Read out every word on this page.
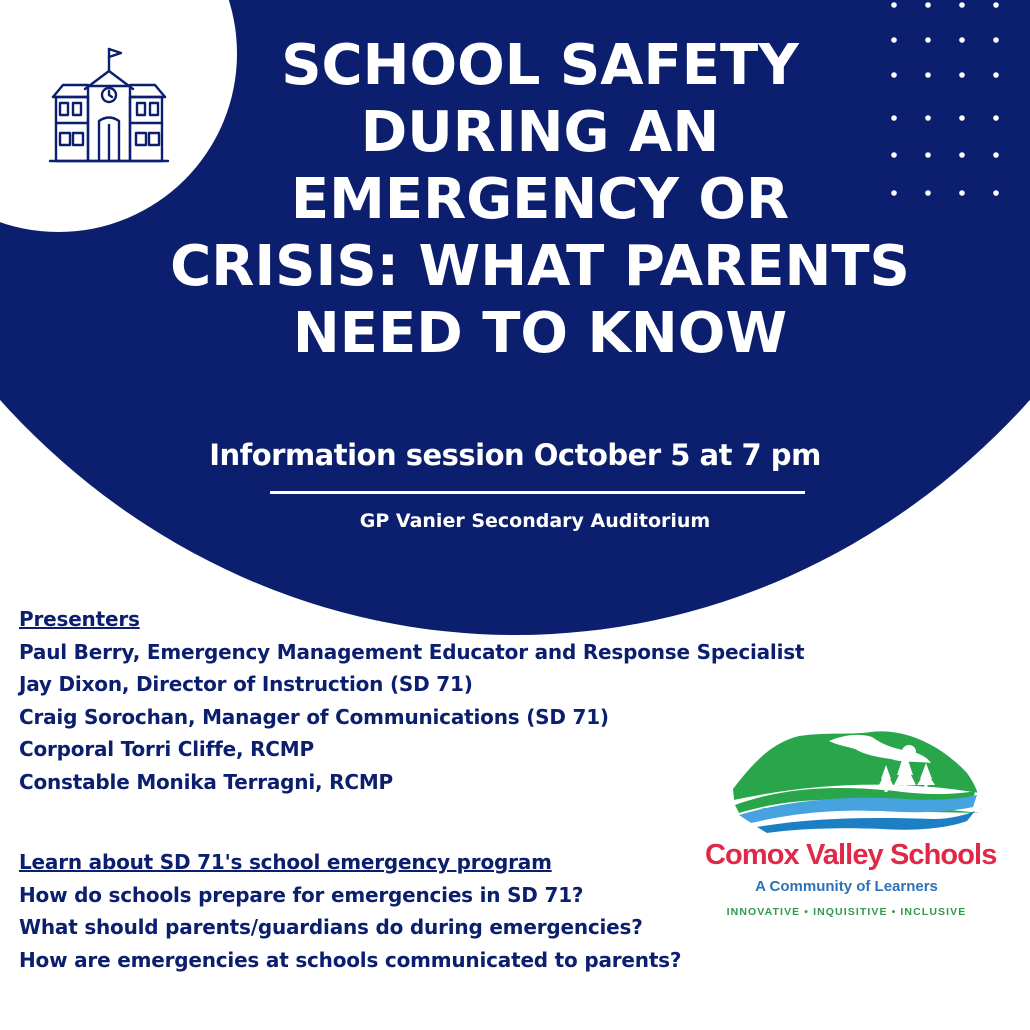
SCHOOL SAFETY
DURING AN
EMERGENCY OR
CRISIS: WHAT PARENTS
NEED TO KNOW
Information session October 5 at 7 pm
GP Vanier Secondary Auditorium
Presenters
Paul Berry, Emergency Management Educator and Response Specialist
Jay Dixon, Director of Instruction (SD 71)
Craig Sorochan, Manager of Communications (SD 71)
Corporal Torri Cliffe, RCMP
Constable Monika Terragni, RCMP
Learn about SD 71's school emergency program
How do schools prepare for emergencies in SD 71?
What should parents/guardians do during emergencies?
How are emergencies at schools communicated to parents?
Comox Valley Schools
A Community of Learners
INNOVATIVE • INQUISITIVE • INCLUSIVE
